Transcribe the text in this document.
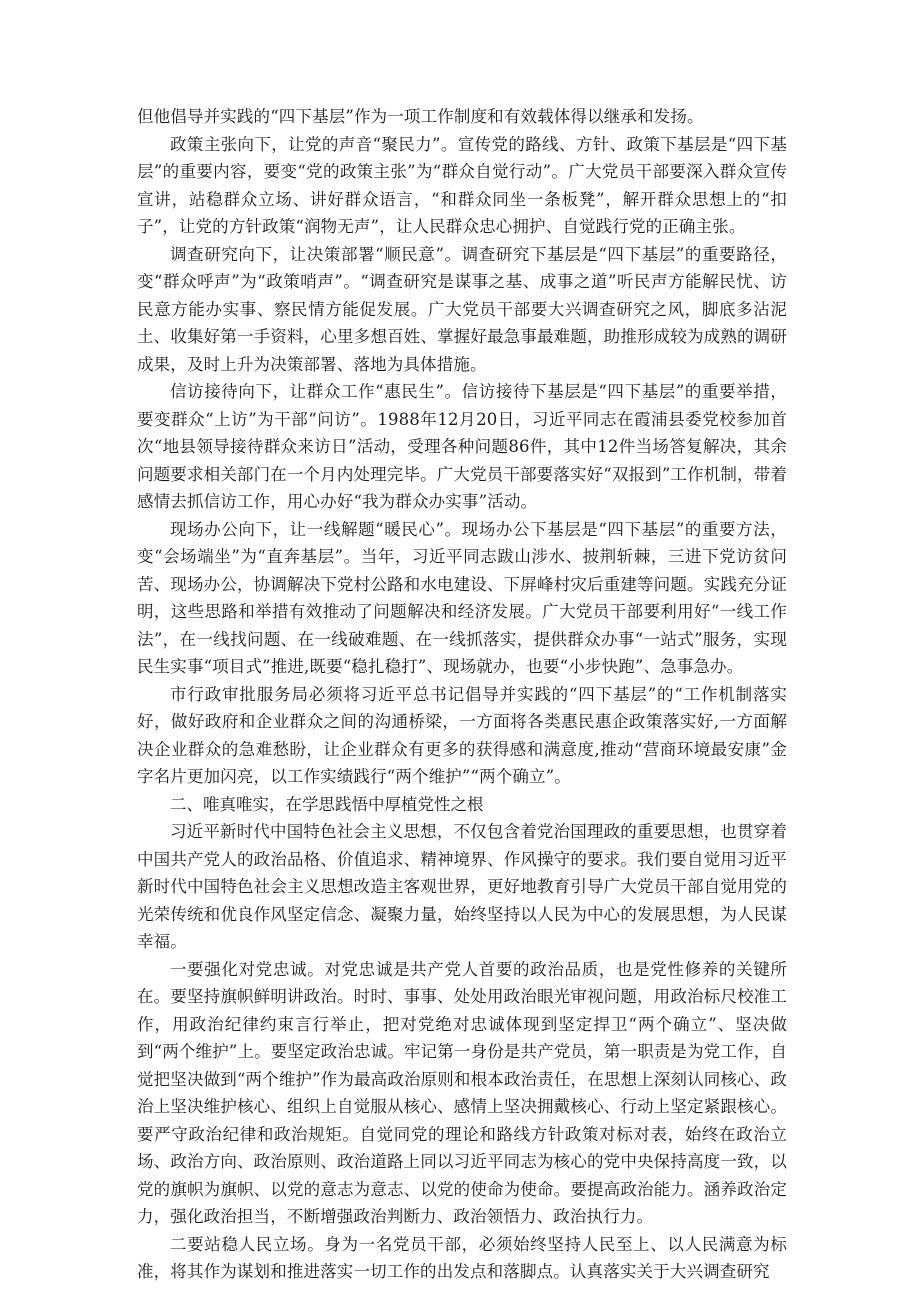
但他倡导并实践的“四下基层”作为一项工作制度和有效载体得以继承和发扬。

政策主张向下，让党的声音“聚民力”。宣传党的路线、方针、政策下基层是“四下基层”的重要内容，要变“党的政策主张”为“群众自觉行动”。广大党员干部要深入群众宣传宣讲，站稳群众立场、讲好群众语言，“和群众同坐一条板凳”，解开群众思想上的“扣子”，让党的方针政策“润物无声”，让人民群众忠心拥护、自觉践行党的正确主张。

调查研究向下，让决策部署“顺民意”。调查研究下基层是“四下基层”的重要路径，变“群众呼声”为“政策哨声”。“调查研究是谋事之基、成事之道”听民声方能解民忧、访民意方能办实事、察民情方能促发展。广大党员干部要大兴调查研究之风，脚底多沾泥土、收集好第一手资料，心里多想百姓、掌握好最急事最难题，助推形成较为成熟的调研成果，及时上升为决策部署、落地为具体措施。

信访接待向下，让群众工作“惠民生”。信访接待下基层是“四下基层”的重要举措，要变群众“上访”为干部“问访”。1988年12月20日，习近平同志在霞浦县委党校参加首次“地县领导接待群众来访日”活动，受理各种问题86件，其中12件当场答复解决，其余问题要求相关部门在一个月内处理完毕。广大党员干部要落实好“双报到”工作机制，带着感情去抓信访工作，用心办好“我为群众办实事”活动。

现场办公向下，让一线解题“暖民心”。现场办公下基层是“四下基层”的重要方法，变“会场端坐”为“直奔基层”。当年，习近平同志跋山涉水、披荆斩棘，三进下党访贫问苦、现场办公，协调解决下党村公路和水电建设、下屏峰村灾后重建等问题。实践充分证明，这些思路和举措有效推动了问题解决和经济发展。广大党员干部要利用好“一线工作法”，在一线找问题、在一线破难题、在一线抓落实，提供群众办事“一站式”服务，实现民生实事“项目式”推进,既要“稳扎稳打”、现场就办，也要“小步快跑”、急事急办。

市行政审批服务局必须将习近平总书记倡导并实践的“四下基层”的“工作机制落实好，做好政府和企业群众之间的沟通桥梁，一方面将各类惠民惠企政策落实好,一方面解决企业群众的急难愁盼，让企业群众有更多的获得感和满意度,推动“营商环境最安康”金字名片更加闪亮，以工作实绩践行“两个维护”“两个确立”。

二、唯真唯实，在学思践悟中厚植党性之根

习近平新时代中国特色社会主义思想，不仅包含着党治国理政的重要思想，也贯穿着中国共产党人的政治品格、价值追求、精神境界、作风操守的要求。我们要自觉用习近平新时代中国特色社会主义思想改造主客观世界，更好地教育引导广大党员干部自觉用党的光荣传统和优良作风坚定信念、凝聚力量，始终坚持以人民为中心的发展思想，为人民谋幸福。

一要强化对党忠诚。对党忠诚是共产党人首要的政治品质，也是党性修养的关键所在。要坚持旗帜鲜明讲政治。时时、事事、处处用政治眼光审视问题，用政治标尺校准工作，用政治纪律约束言行举止，把对党绝对忠诚体现到坚定捍卫“两个确立”、坚决做到“两个维护”上。要坚定政治忠诚。牢记第一身份是共产党员，第一职责是为党工作，自觉把坚决做到“两个维护”作为最高政治原则和根本政治责任，在思想上深刻认同核心、政治上坚决维护核心、组织上自觉服从核心、感情上坚决拥戴核心、行动上坚定紧跟核心。要严守政治纪律和政治规矩。自觉同党的理论和路线方针政策对标对表，始终在政治立场、政治方向、政治原则、政治道路上同以习近平同志为核心的党中央保持高度一致，以党的旗帜为旗帜、以党的意志为意志、以党的使命为使命。要提高政治能力。涵养政治定力，强化政治担当，不断增强政治判断力、政治领悟力、政治执行力。

二要站稳人民立场。身为一名党员干部，必须始终坚持人民至上、以人民满意为标准，将其作为谋划和推进落实一切工作的出发点和落脚点。认真落实关于大兴调查研究
